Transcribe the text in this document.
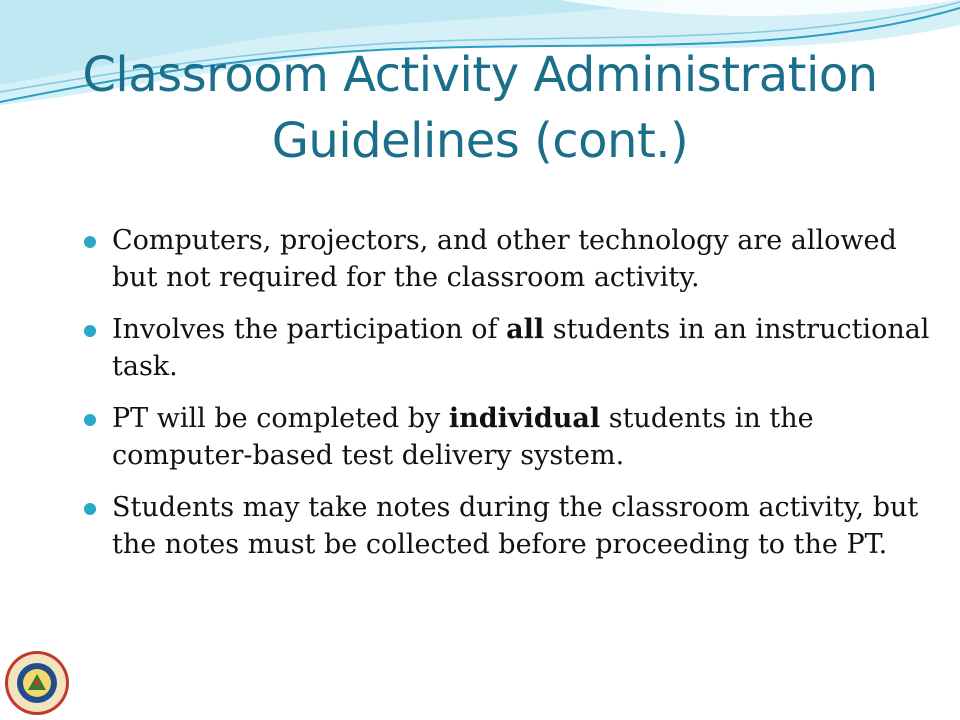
Classroom Activity Administration
Guidelines (cont.)
Computers, projectors, and other technology are allowed but not required for the classroom activity.
Involves the participation of all students in an instructional task.
PT will be completed by individual students in the computer-based test delivery system.
Students may take notes during the classroom activity, but the notes must be collected before proceeding to the PT.
